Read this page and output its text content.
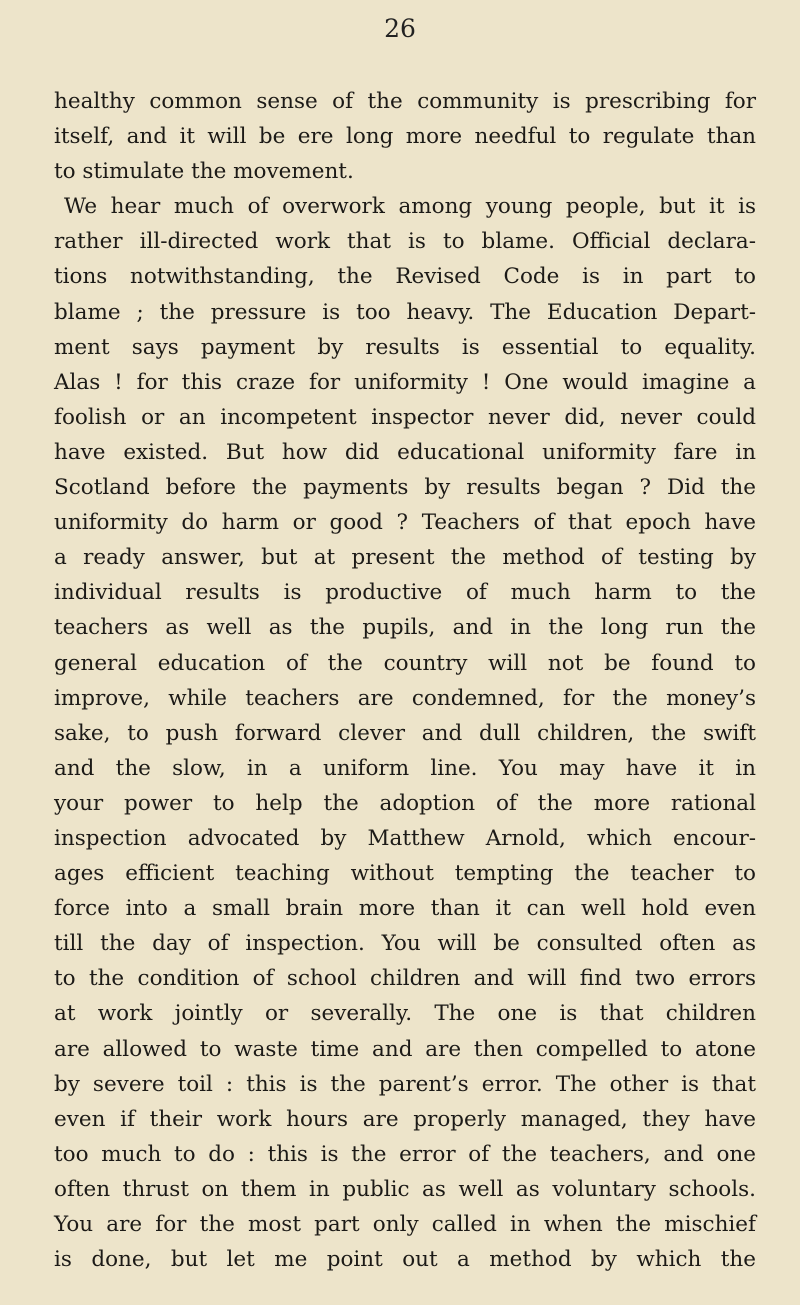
26
healthy common sense of the community is prescribing for
itself, and it will be ere long more needful to regulate than
to stimulate the movement.
We hear much of overwork among young people, but it is
rather ill-directed work that is to blame. Official declara-
tions notwithstanding, the Revised Code is in part to
blame ; the pressure is too heavy. The Education Depart-
ment says payment by results is essential to equality.
Alas ! for this craze for uniformity ! One would imagine a
foolish or an incompetent inspector never did, never could
have existed. But how did educational uniformity fare in
Scotland before the payments by results began ? Did the
uniformity do harm or good ? Teachers of that epoch have
a ready answer, but at present the method of testing by
individual results is productive of much harm to the
teachers as well as the pupils, and in the long run the
general education of the country will not be found to
improve, while teachers are condemned, for the money’s
sake, to push forward clever and dull children, the swift
and the slow, in a uniform line. You may have it in
your power to help the adoption of the more rational
inspection advocated by Matthew Arnold, which encour-
ages efficient teaching without tempting the teacher to
force into a small brain more than it can well hold even
till the day of inspection. You will be consulted often as
to the condition of school children and will find two errors
at work jointly or severally. The one is that children
are allowed to waste time and are then compelled to atone
by severe toil : this is the parent’s error. The other is that
even if their work hours are properly managed, they have
too much to do : this is the error of the teachers, and one
often thrust on them in public as well as voluntary schools.
You are for the most part only called in when the mischief
is done, but let me point out a method by which the
